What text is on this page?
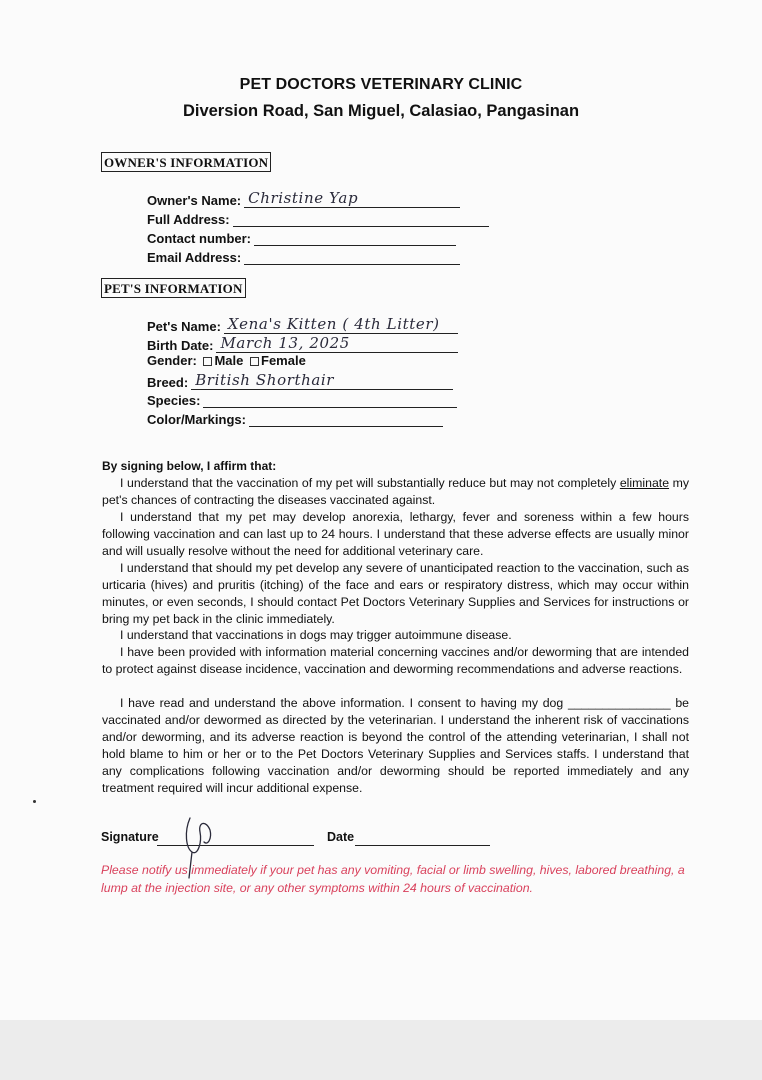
PET DOCTORS VETERINARY CLINIC
Diversion Road, San Miguel, Calasiao, Pangasinan
OWNER'S INFORMATION
Owner's Name: Christine Yap
Full Address:
Contact number:
Email Address:
PET'S INFORMATION
Pet's Name: Xena's Kitten ( 4th Litter)
Birth Date: March 13, 2025
Gender: Male Female
Breed: British Shorthair
Species:
Color/Markings:
By signing below, I affirm that:

I understand that the vaccination of my pet will substantially reduce but may not completely eliminate my pet's chances of contracting the diseases vaccinated against.

I understand that my pet may develop anorexia, lethargy, fever and soreness within a few hours following vaccination and can last up to 24 hours. I understand that these adverse effects are usually minor and will usually resolve without the need for additional veterinary care.

I understand that should my pet develop any severe of unanticipated reaction to the vaccination, such as urticaria (hives) and pruritis (itching) of the face and ears or respiratory distress, which may occur within minutes, or even seconds, I should contact Pet Doctors Veterinary Supplies and Services for instructions or bring my pet back in the clinic immediately.

I understand that vaccinations in dogs may trigger autoimmune disease.

I have been provided with information material concerning vaccines and/or deworming that are intended to protect against disease incidence, vaccination and deworming recommendations and adverse reactions.

I have read and understand the above information. I consent to having my dog _______________ be vaccinated and/or dewormed as directed by the veterinarian. I understand the inherent risk of vaccinations and/or deworming, and its adverse reaction is beyond the control of the attending veterinarian, I shall not hold blame to him or her or to the Pet Doctors Veterinary Supplies and Services staffs. I understand that any complications following vaccination and/or deworming should be reported immediately and any treatment required will incur additional expense.

Signature	Date
Please notify us immediately if your pet has any vomiting, facial or limb swelling, hives, labored breathing, a lump at the injection site, or any other symptoms within 24 hours of vaccination.
